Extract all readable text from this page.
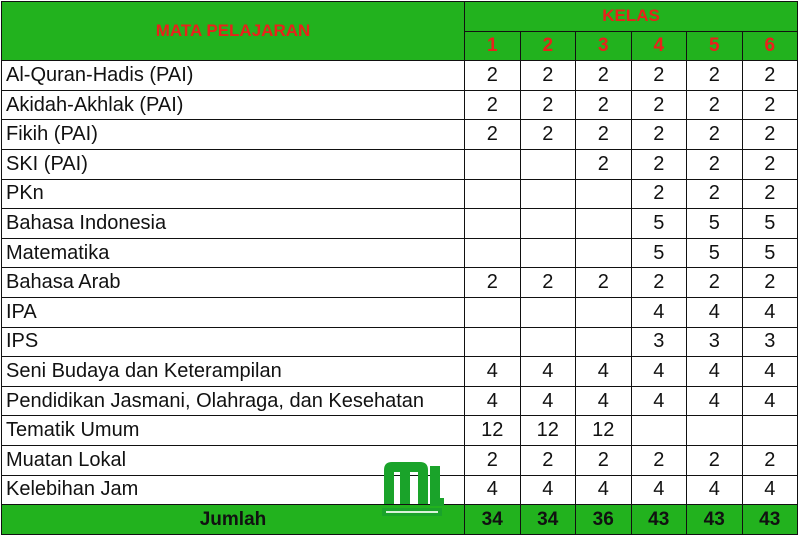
MATA PELAJARAN	KELAS					
	1	2	3	4	5	6
Al-Quran-Hadis (PAI)	2	2	2	2	2	2
Akidah-Akhlak (PAI)	2	2	2	2	2	2
Fikih (PAI)	2	2	2	2	2	2
SKI (PAI)			2	2	2	2
PKn				2	2	2
Bahasa Indonesia				5	5	5
Matematika				5	5	5
Bahasa Arab	2	2	2	2	2	2
IPA				4	4	4
IPS				3	3	3
Seni Budaya dan Keterampilan	4	4	4	4	4	4
Pendidikan Jasmani, Olahraga, dan Kesehatan	4	4	4	4	4	4
Tematik Umum	12	12	12			
Muatan Lokal	2	2	2	2	2	2
Kelebihan Jam	4	4	4	4	4	4
Jumlah	34	34	36	43	43	43
